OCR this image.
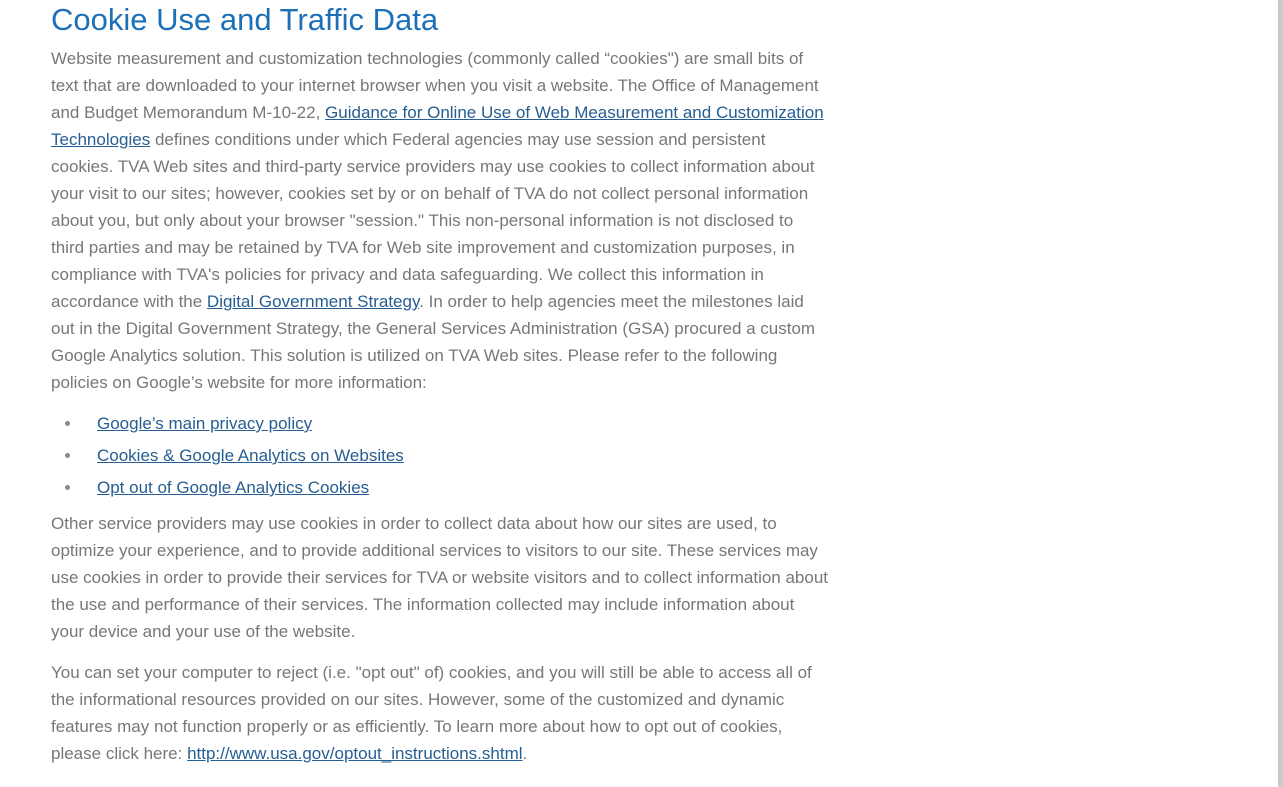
Cookie Use and Traffic Data

Website measurement and customization technologies (commonly called “cookies") are small bits of text that are downloaded to your internet browser when you visit a website. The Office of Management and Budget Memorandum M-10-22, Guidance for Online Use of Web Measurement and Customization Technologies defines conditions under which Federal agencies may use session and persistent cookies. TVA Web sites and third-party service providers may use cookies to collect information about your visit to our sites; however, cookies set by or on behalf of TVA do not collect personal information about you, but only about your browser "session." This non-personal information is not disclosed to third parties and may be retained by TVA for Web site improvement and customization purposes, in compliance with TVA's policies for privacy and data safeguarding. We collect this information in accordance with the Digital Government Strategy. In order to help agencies meet the milestones laid out in the Digital Government Strategy, the General Services Administration (GSA) procured a custom Google Analytics solution. This solution is utilized on TVA Web sites. Please refer to the following policies on Google’s website for more information:

Google’s main privacy policy
Cookies & Google Analytics on Websites
Opt out of Google Analytics Cookies

Other service providers may use cookies in order to collect data about how our sites are used, to optimize your experience, and to provide additional services to visitors to our site. These services may use cookies in order to provide their services for TVA or website visitors and to collect information about the use and performance of their services. The information collected may include information about your device and your use of the website.

You can set your computer to reject (i.e. "opt out" of) cookies, and you will still be able to access all of the informational resources provided on our sites. However, some of the customized and dynamic features may not function properly or as efficiently. To learn more about how to opt out of cookies, please click here: http://www.usa.gov/optout_instructions.shtml.
